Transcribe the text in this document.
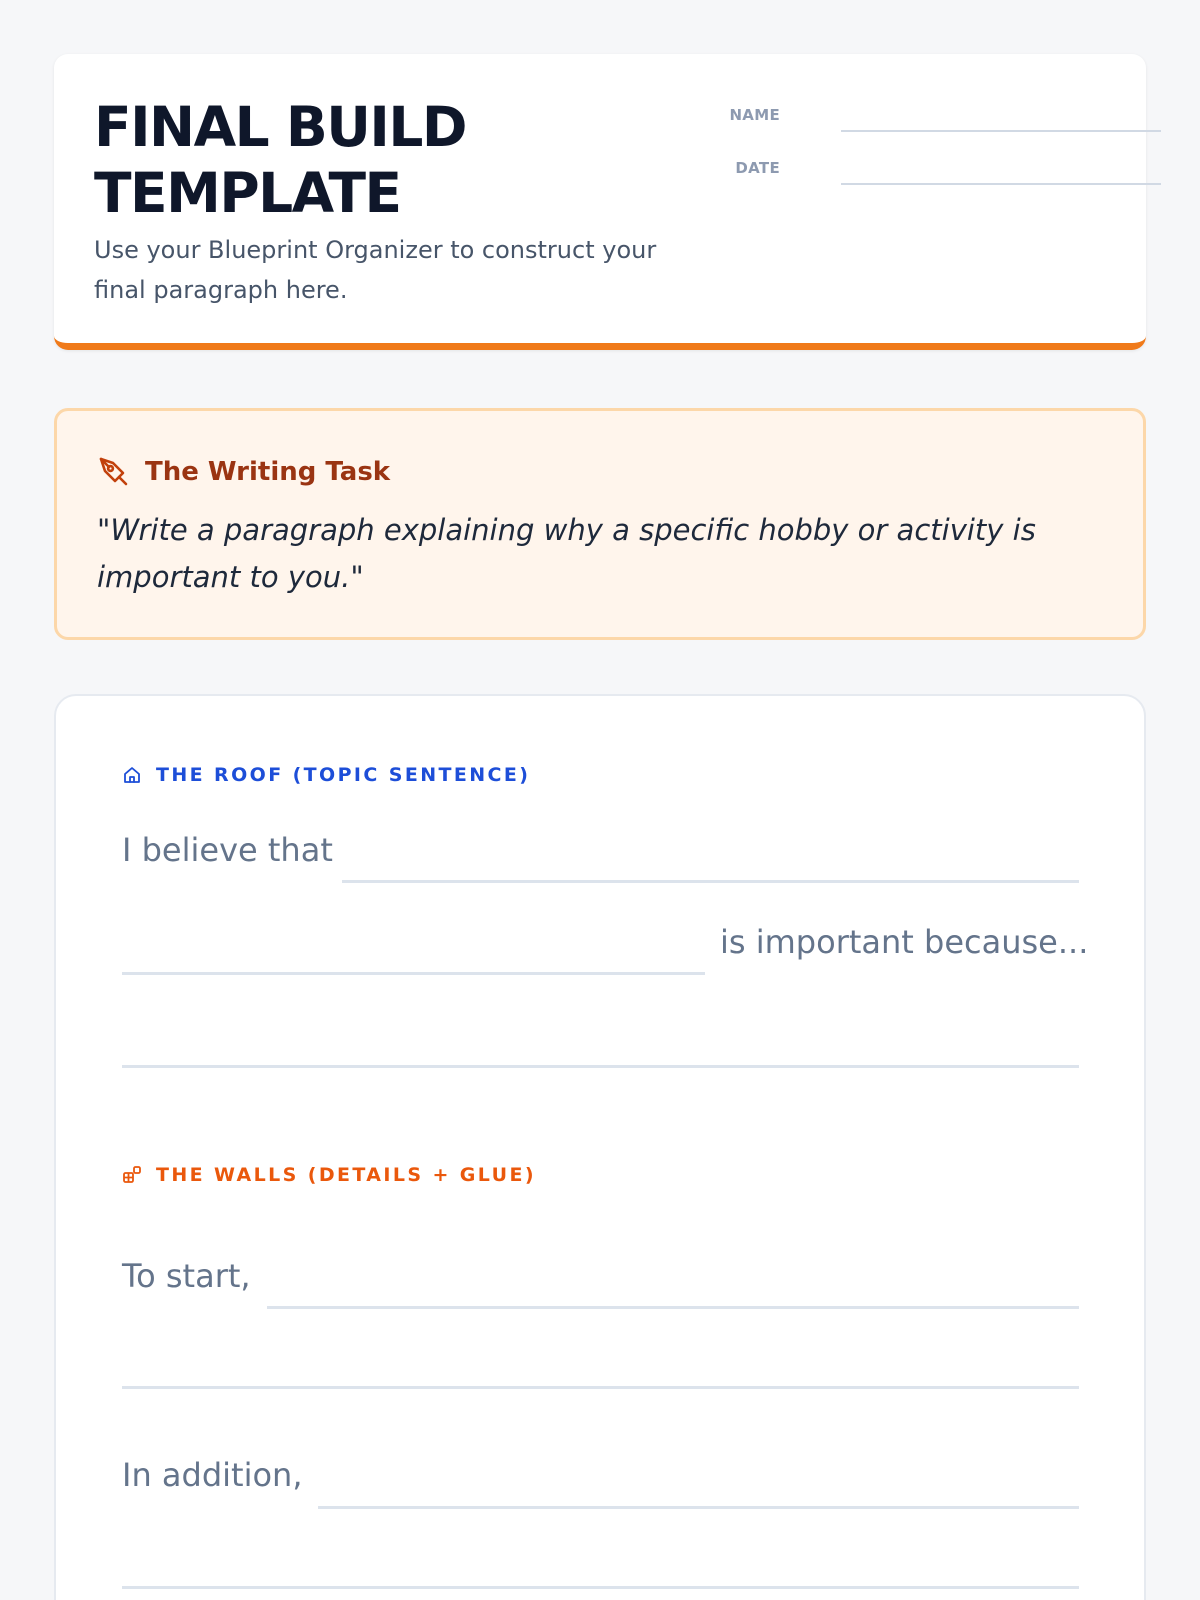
FINAL BUILD TEMPLATE

Use your Blueprint Organizer to construct your final paragraph here.

NAME
DATE
The Writing Task

"Write a paragraph explaining why a specific hobby or activity is important to you."

THE ROOF (TOPIC SENTENCE)
I believe that
is important because...
THE WALLS (DETAILS + GLUE)
To start,
In addition,
